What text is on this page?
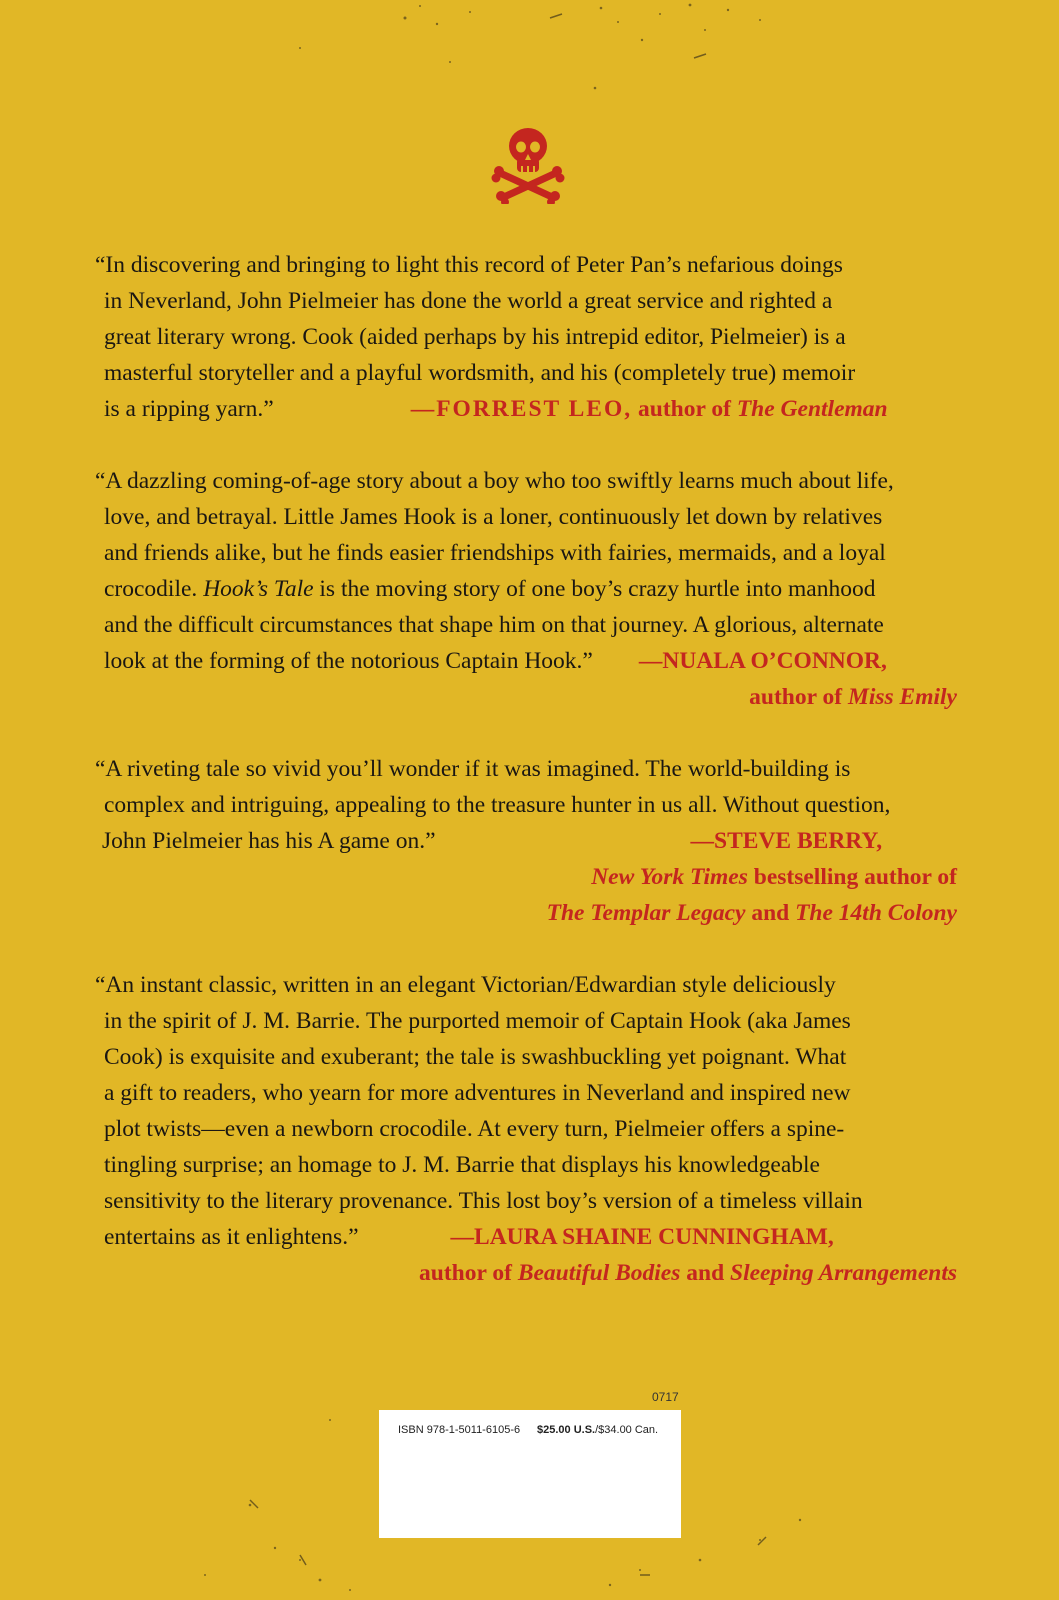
“In discovering and bringing to light this record of Peter Pan’s nefarious doings
in Neverland, John Pielmeier has done the world a great service and righted a
great literary wrong. Cook (aided perhaps by his intrepid editor, Pielmeier) is a
masterful storyteller and a playful wordsmith, and his (completely true) memoir
is a ripping yarn.”	—FORREST LEO, author of The Gentleman
“A dazzling coming-of-age story about a boy who too swiftly learns much about life,
love, and betrayal. Little James Hook is a loner, continuously let down by relatives
and friends alike, but he finds easier friendships with fairies, mermaids, and a loyal
crocodile. Hook’s Tale is the moving story of one boy’s crazy hurtle into manhood
and the difficult circumstances that shape him on that journey. A glorious, alternate
look at the forming of the notorious Captain Hook.” —NUALA O’CONNOR,
author of Miss Emily
“A riveting tale so vivid you’ll wonder if it was imagined. The world-building is
complex and intriguing, appealing to the treasure hunter in us all. Without question,
John Pielmeier has his A game on.”	—STEVE BERRY,
New York Times bestselling author of
The Templar Legacy and The 14th Colony
“An instant classic, written in an elegant Victorian/Edwardian style deliciously
in the spirit of J. M. Barrie. The purported memoir of Captain Hook (aka James
Cook) is exquisite and exuberant; the tale is swashbuckling yet poignant. What
a gift to readers, who yearn for more adventures in Neverland and inspired new
plot twists—even a newborn crocodile. At every turn, Pielmeier offers a spine-
tingling surprise; an homage to J. M. Barrie that displays his knowledgeable
sensitivity to the literary provenance. This lost boy’s version of a timeless villain
entertains as it enlightens.”	—LAURA SHAINE CUNNINGHAM,
author of Beautiful Bodies and Sleeping Arrangements
0717
ISBN 978-1-5011-6105-6 $25.00 U.S./$34.00 Can.
